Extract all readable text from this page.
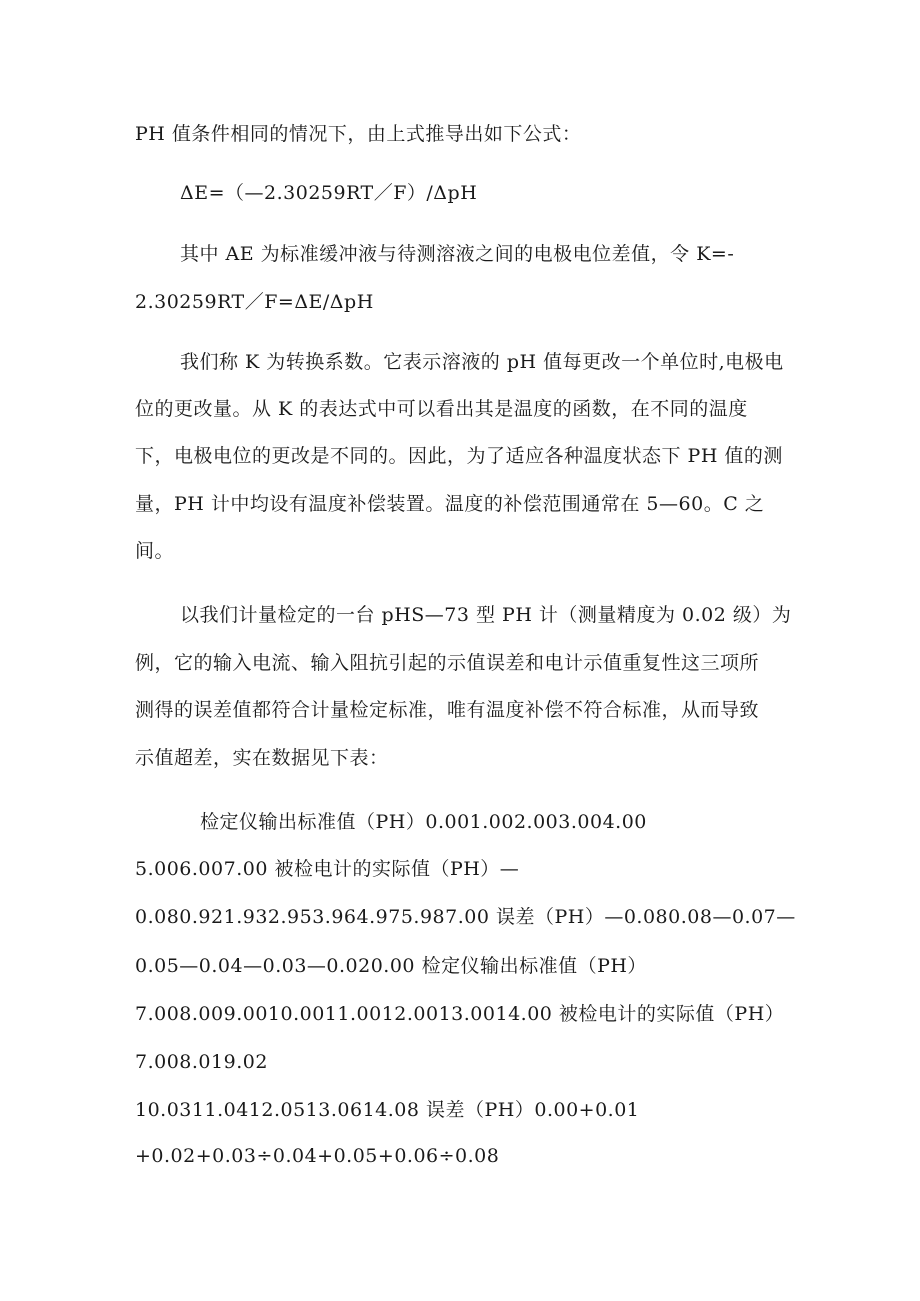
PH 值条件相同的情况下，由上式推导出如下公式：
ΔE=（—2.30259RT／F）/ΔpH
其中 AE 为标准缓冲液与待测溶液之间的电极电位差值，令 K=-
2.30259RT／F=ΔE/ΔpH
我们称 K 为转换系数。它表示溶液的 pH 值每更改一个单位时,电极电
位的更改量。从 K 的表达式中可以看出其是温度的函数，在不同的温度
下，电极电位的更改是不同的。因此，为了适应各种温度状态下 PH 值的测
量，PH 计中均设有温度补偿装置。温度的补偿范围通常在 5—60。C 之
间。
以我们计量检定的一台 pHS—73 型 PH 计（测量精度为 0.02 级）为
例，它的输入电流、输入阻抗引起的示值误差和电计示值重复性这三项所
测得的误差值都符合计量检定标准，唯有温度补偿不符合标准，从而导致
示值超差，实在数据见下表：
检定仪输出标准值（PH）0.001.002.003.004.00
5.006.007.00 被检电计的实际值（PH）—
0.080.921.932.953.964.975.987.00 误差（PH）—0.080.08—0.07—
0.05—0.04—0.03—0.020.00 检定仪输出标准值（PH）
7.008.009.0010.0011.0012.0013.0014.00 被检电计的实际值（PH）
7.008.019.02
10.0311.0412.0513.0614.08 误差（PH）0.00+0.01
+0.02+0.03÷0.04+0.05+0.06÷0.08
